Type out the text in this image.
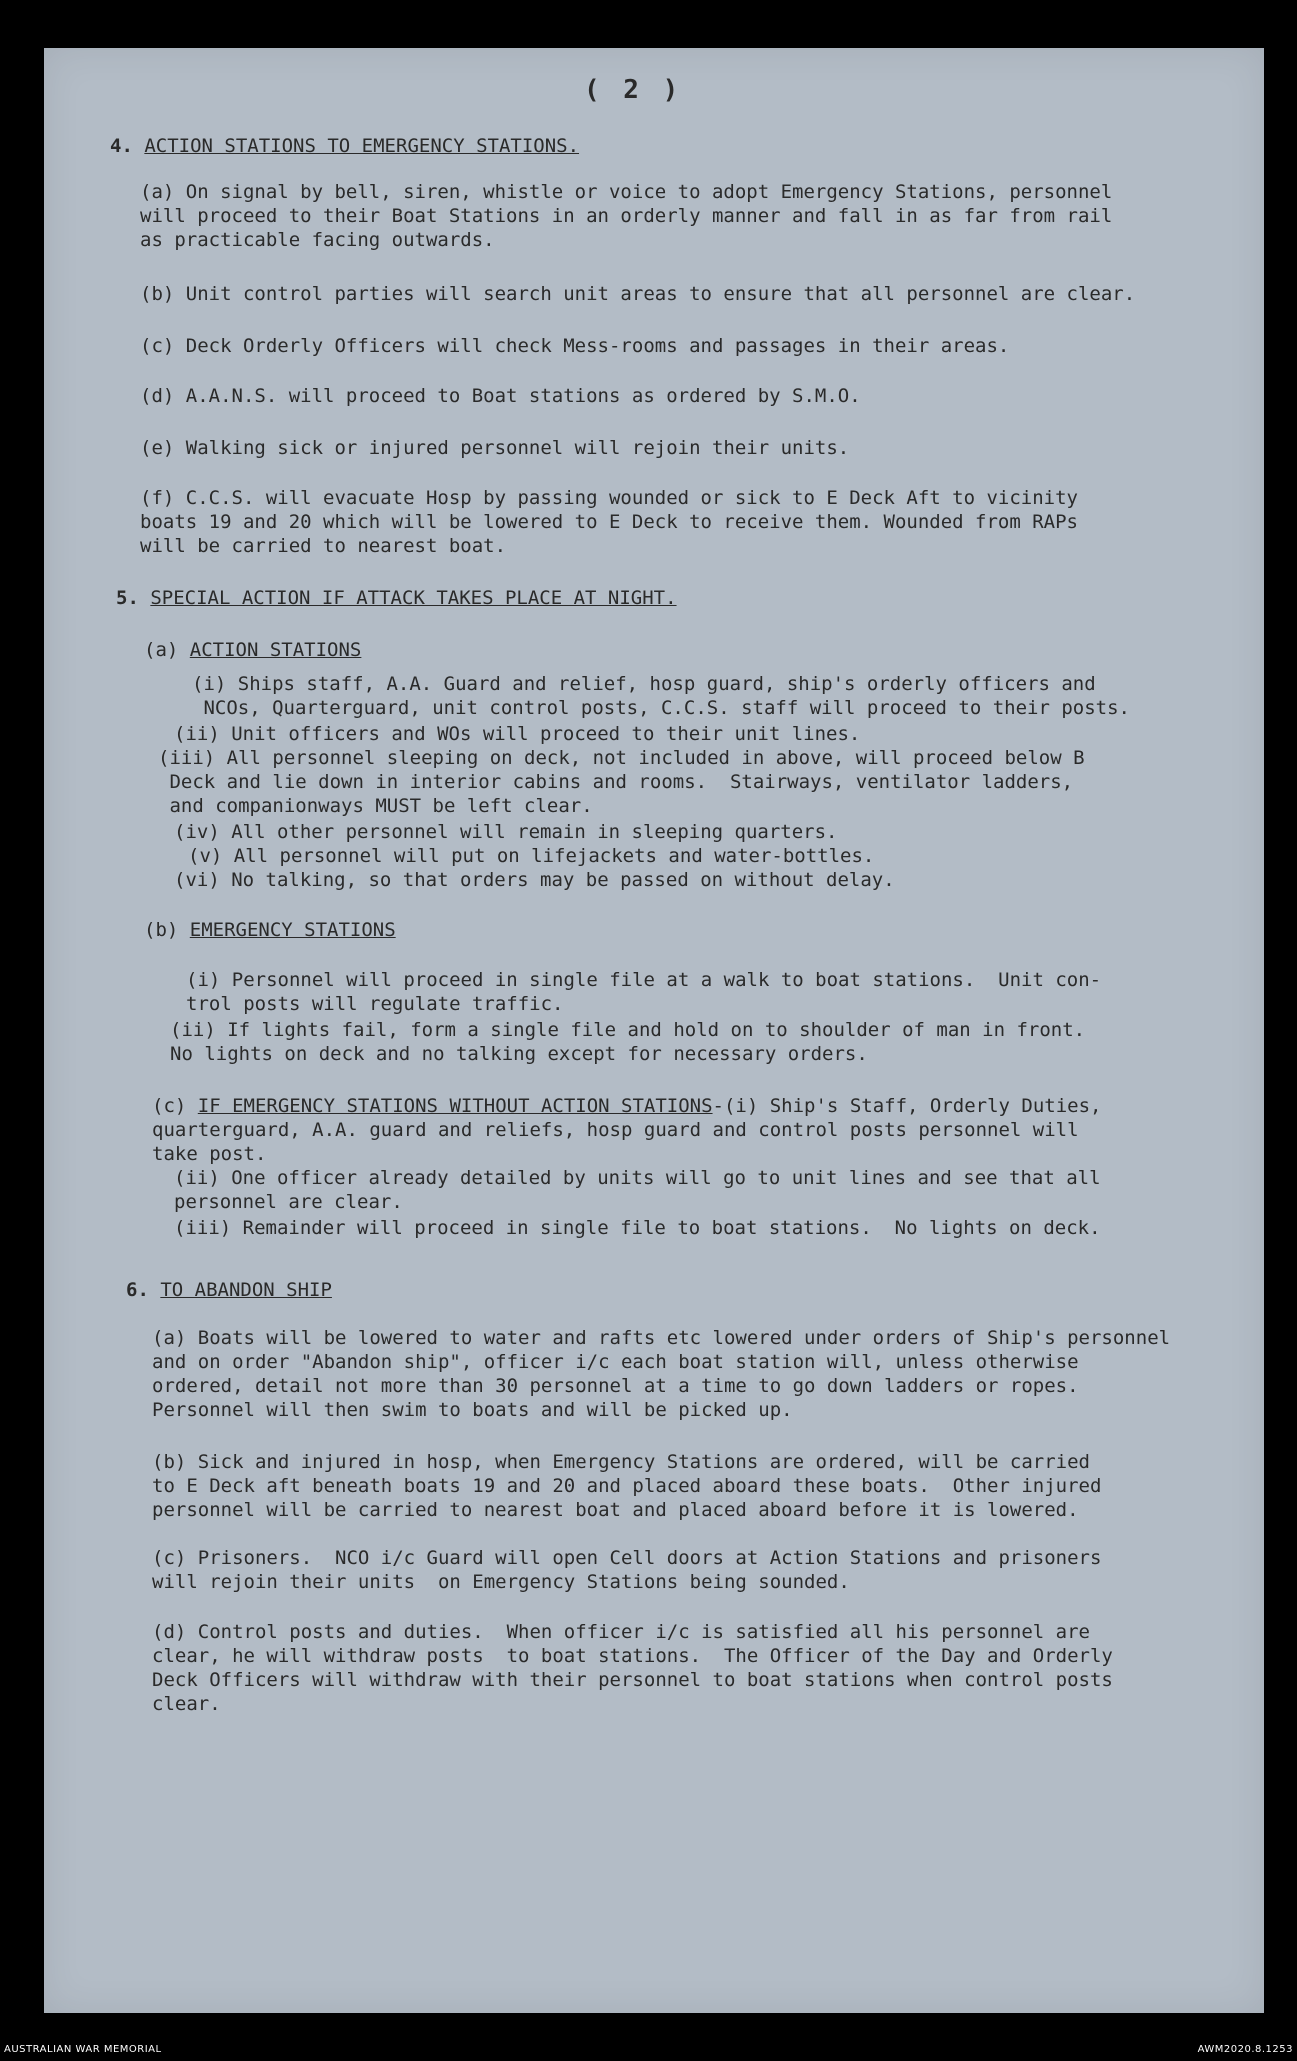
( 2 )
4. ACTION STATIONS TO EMERGENCY STATIONS.
(a) On signal by bell, siren, whistle or voice to adopt Emergency Stations, personnel
will proceed to their Boat Stations in an orderly manner and fall in as far from rail
as practicable facing outwards.
(b) Unit control parties will search unit areas to ensure that all personnel are clear.
(c) Deck Orderly Officers will check Mess-rooms and passages in their areas.
(d) A.A.N.S. will proceed to Boat stations as ordered by S.M.O.
(e) Walking sick or injured personnel will rejoin their units.
(f) C.C.S. will evacuate Hosp by passing wounded or sick to E Deck Aft to vicinity
boats 19 and 20 which will be lowered to E Deck to receive them. Wounded from RAPs
will be carried to nearest boat.
5. SPECIAL ACTION IF ATTACK TAKES PLACE AT NIGHT.
(a) ACTION STATIONS
(i) Ships staff, A.A. Guard and relief, hosp guard, ship's orderly officers and
NCOs, Quarterguard, unit control posts, C.C.S. staff will proceed to their posts.
(ii) Unit officers and WOs will proceed to their unit lines.
(iii) All personnel sleeping on deck, not included in above, will proceed below B
Deck and lie down in interior cabins and rooms.  Stairways, ventilator ladders,
and companionways MUST be left clear.
(iv) All other personnel will remain in sleeping quarters.
(v) All personnel will put on lifejackets and water-bottles.
(vi) No talking, so that orders may be passed on without delay.
(b) EMERGENCY STATIONS
(i) Personnel will proceed in single file at a walk to boat stations.  Unit con-
trol posts will regulate traffic.
(ii) If lights fail, form a single file and hold on to shoulder of man in front.
No lights on deck and no talking except for necessary orders.
(c) IF EMERGENCY STATIONS WITHOUT ACTION STATIONS-(i) Ship's Staff, Orderly Duties,
quarterguard, A.A. guard and reliefs, hosp guard and control posts personnel will
take post.
(ii) One officer already detailed by units will go to unit lines and see that all
personnel are clear.
(iii) Remainder will proceed in single file to boat stations.  No lights on deck.
6. TO ABANDON SHIP
(a) Boats will be lowered to water and rafts etc lowered under orders of Ship's personnel
and on order "Abandon ship", officer i/c each boat station will, unless otherwise
ordered, detail not more than 30 personnel at a time to go down ladders or ropes.
Personnel will then swim to boats and will be picked up.
(b) Sick and injured in hosp, when Emergency Stations are ordered, will be carried
to E Deck aft beneath boats 19 and 20 and placed aboard these boats.  Other injured
personnel will be carried to nearest boat and placed aboard before it is lowered.
(c) Prisoners.  NCO i/c Guard will open Cell doors at Action Stations and prisoners
will rejoin their units  on Emergency Stations being sounded.
(d) Control posts and duties.  When officer i/c is satisfied all his personnel are
clear, he will withdraw posts  to boat stations.  The Officer of the Day and Orderly
Deck Officers will withdraw with their personnel to boat stations when control posts
clear.
AUSTRALIAN WAR MEMORIAL	AWM2020.8.1253
